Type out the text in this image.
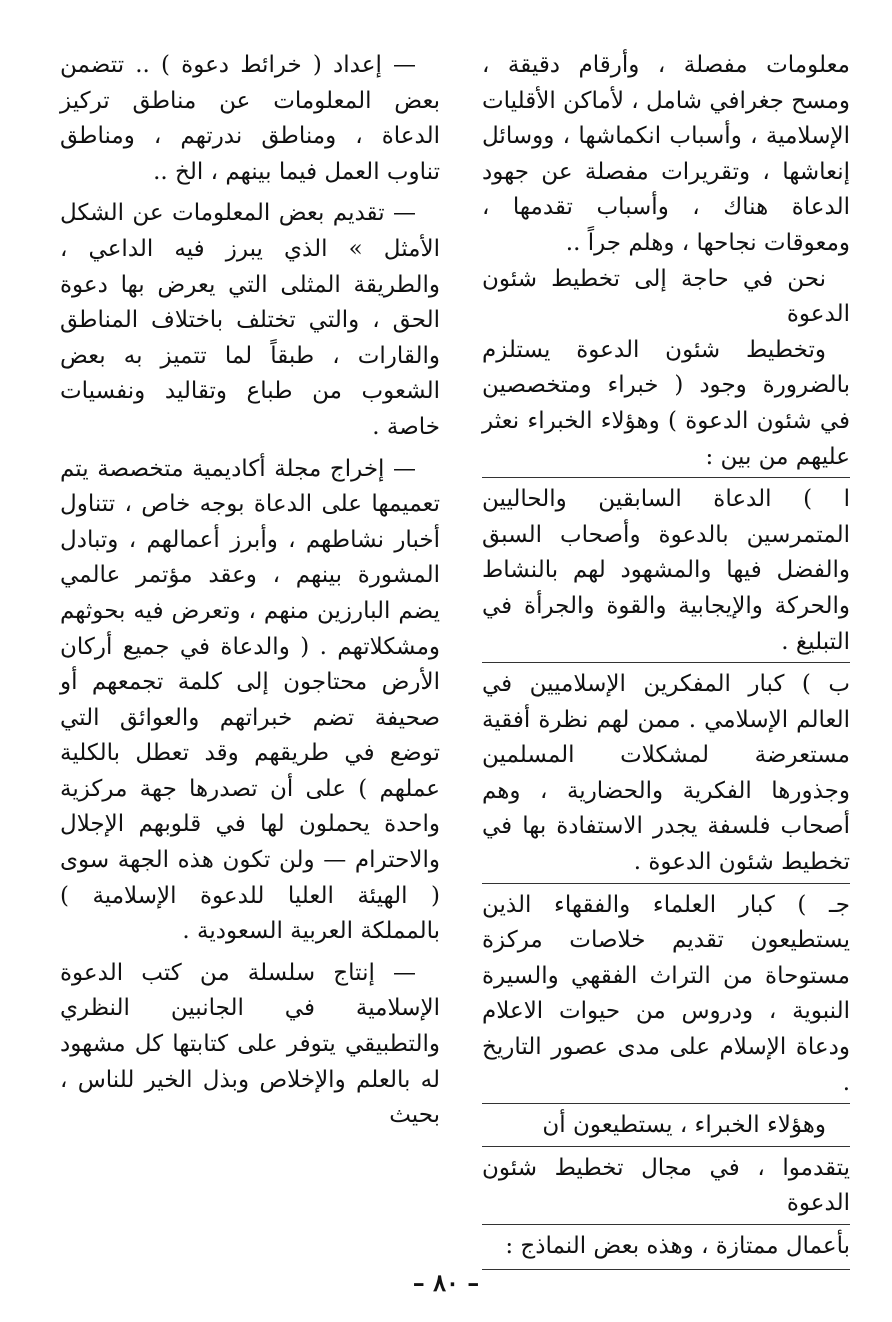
معلومات مفصلة ، وأرقام دقيقة ، ومسح جغرافي شامل ، لأماكن الأقليات الإسلامية ، وأسباب انكماشها ، ووسائل إنعاشها ، وتقريرات مفصلة عن جهود الدعاة هناك ، وأسباب تقدمها ، ومعوقات نجاحها ، وهلم جراً ..

نحن في حاجة إلى تخطيط شئون الدعوة

وتخطيط شئون الدعوة يستلزم بالضرورة وجود ( خبراء ومتخصصين في شئون الدعوة ) وهؤلاء الخبراء نعثر عليهم من بين :

ا ) الدعاة السابقين والحاليين المتمرسين بالدعوة وأصحاب السبق والفضل فيها والمشهود لهم بالنشاط والحركة والإيجابية والقوة والجرأة في التبليغ .

ب ) كبار المفكرين الإسلاميين في العالم الإسلامي . ممن لهم نظرة أفقية مستعرضة لمشكلات المسلمين وجذورها الفكرية والحضارية ، وهم أصحاب فلسفة يجدر الاستفادة بها في تخطيط شئون الدعوة .

جـ ) كبار العلماء والفقهاء الذين يستطيعون تقديم خلاصات مركزة مستوحاة من التراث الفقهي والسيرة النبوية ، ودروس من حيوات الاعلام ودعاة الإسلام على مدى عصور التاريخ .

وهؤلاء الخبراء ، يستطيعون أن

يتقدموا ، في مجال تخطيط شئون الدعوة

بأعمال ممتازة ، وهذه بعض النماذج :

— إعداد ( خرائط دعوة ) .. تتضمن بعض المعلومات عن مناطق تركيز الدعاة ، ومناطق ندرتهم ، ومناطق تناوب العمل فيما بينهم ، الخ ..

— تقديم بعض المعلومات عن الشكل الأمثل » الذي يبرز فيه الداعي ، والطريقة المثلى التي يعرض بها دعوة الحق ، والتي تختلف باختلاف المناطق والقارات ، طبقاً لما تتميز به بعض الشعوب من طباع وتقاليد ونفسيات خاصة .

— إخراج مجلة أكاديمية متخصصة يتم تعميمها على الدعاة بوجه خاص ، تتناول أخبار نشاطهم ، وأبرز أعمالهم ، وتبادل المشورة بينهم ، وعقد مؤتمر عالمي يضم البارزين منهم ، وتعرض فيه بحوثهم ومشكلاتهم . ( والدعاة في جميع أركان الأرض محتاجون إلى كلمة تجمعهم أو صحيفة تضم خبراتهم والعوائق التي توضع في طريقهم وقد تعطل بالكلية عملهم ) على أن تصدرها جهة مركزية واحدة يحملون لها في قلوبهم الإجلال والاحترام — ولن تكون هذه الجهة سوى ( الهيئة العليا للدعوة الإسلامية ) بالمملكة العربية السعودية .

— إنتاج سلسلة من كتب الدعوة الإسلامية في الجانبين النظري والتطبيقي يتوفر على كتابتها كل مشهود له بالعلم والإخلاص وبذل الخير للناس ، بحيث

– ٨٠ –
